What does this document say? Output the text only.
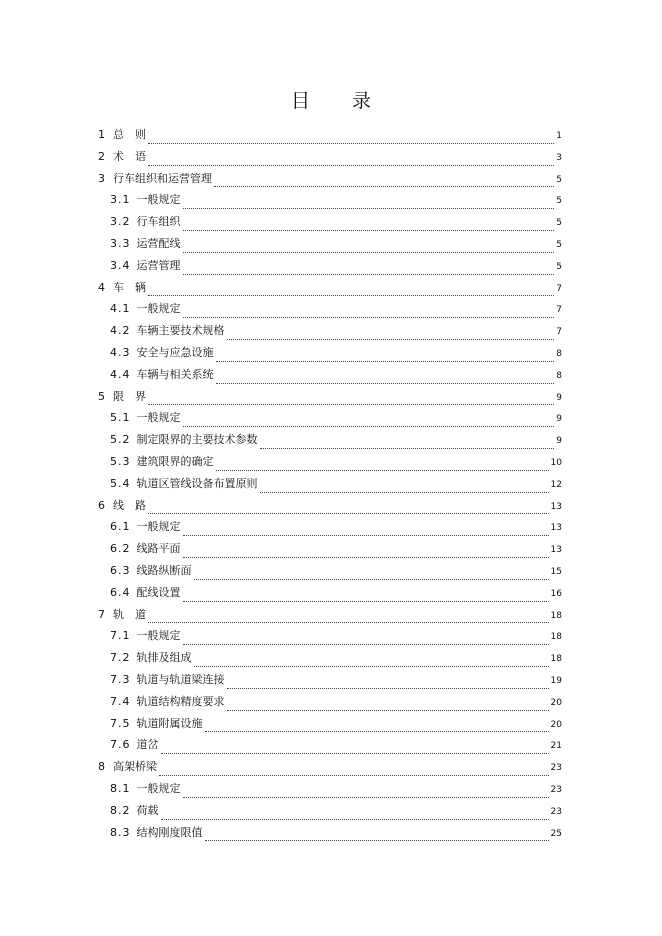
目录
1 总　则	1
2 术　语	3
3 行车组织和运营管理	5
3.1 一般规定	5
3.2 行车组织	5
3.3 运营配线	5
3.4 运营管理	5
4 车　辆	7
4.1 一般规定	7
4.2 车辆主要技术规格	7
4.3 安全与应急设施	8
4.4 车辆与相关系统	8
5 限　界	9
5.1 一般规定	9
5.2 制定限界的主要技术参数	9
5.3 建筑限界的确定	10
5.4 轨道区管线设备布置原则	12
6 线　路	13
6.1 一般规定	13
6.2 线路平面	13
6.3 线路纵断面	15
6.4 配线设置	16
7 轨　道	18
7.1 一般规定	18
7.2 轨排及组成	18
7.3 轨道与轨道梁连接	19
7.4 轨道结构精度要求	20
7.5 轨道附属设施	20
7.6 道岔	21
8 高架桥梁	23
8.1 一般规定	23
8.2 荷载	23
8.3 结构刚度限值	25
